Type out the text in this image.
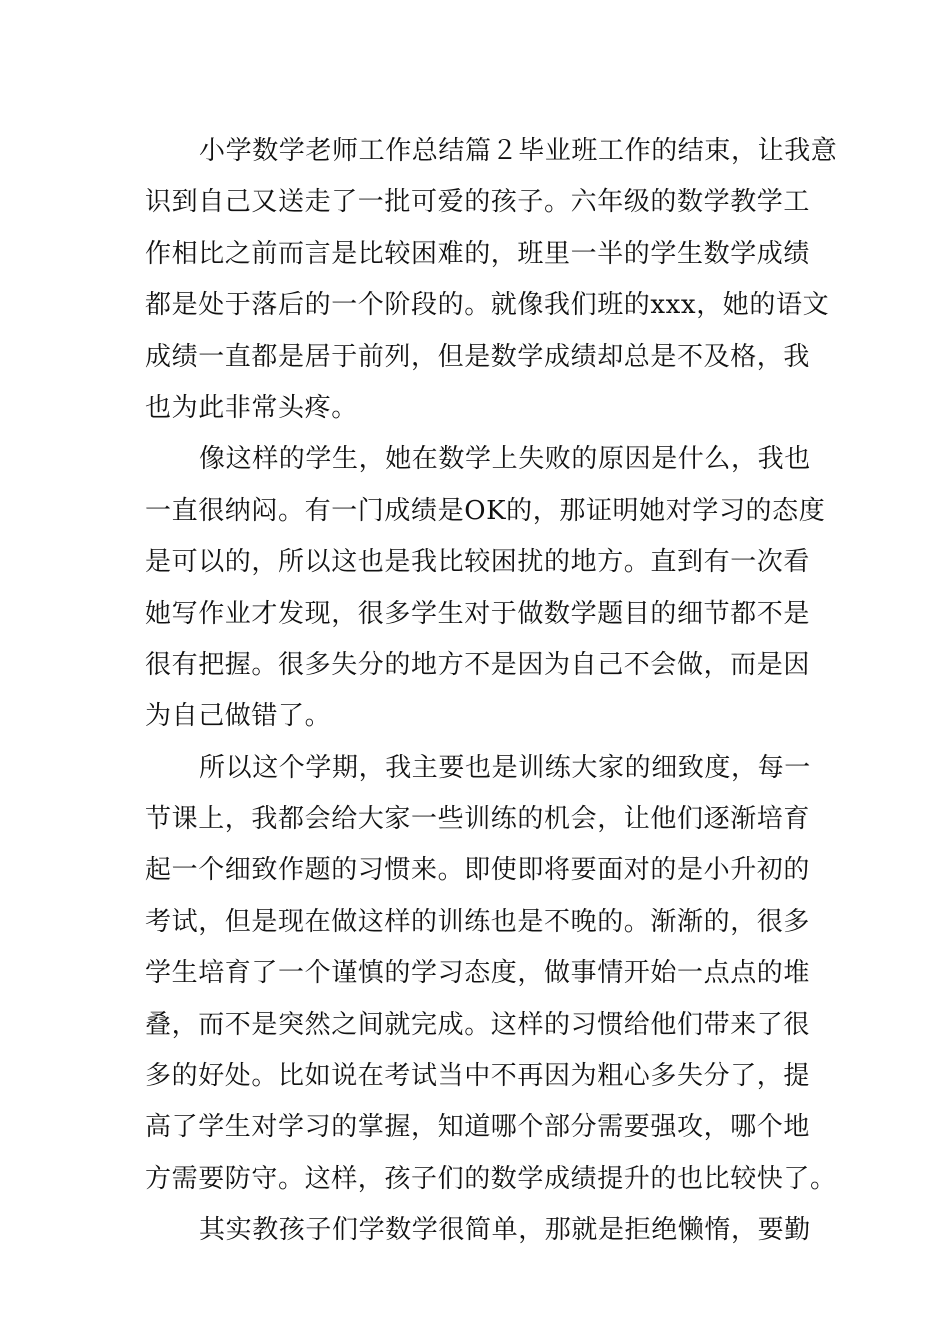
小学数学老师工作总结篇２毕业班工作的结束，让我意
识到自己又送走了一批可爱的孩子。六年级的数学教学工
作相比之前而言是比较困难的，班里一半的学生数学成绩
都是处于落后的一个阶段的。就像我们班的xxx，她的语文
成绩一直都是居于前列，但是数学成绩却总是不及格，我
也为此非常头疼。

像这样的学生，她在数学上失败的原因是什么，我也
一直很纳闷。有一门成绩是OK的，那证明她对学习的态度
是可以的，所以这也是我比较困扰的地方。直到有一次看
她写作业才发现，很多学生对于做数学题目的细节都不是
很有把握。很多失分的地方不是因为自己不会做，而是因
为自己做错了。

所以这个学期，我主要也是训练大家的细致度，每一
节课上，我都会给大家一些训练的机会，让他们逐渐培育
起一个细致作题的习惯来。即使即将要面对的是小升初的
考试，但是现在做这样的训练也是不晚的。渐渐的，很多
学生培育了一个谨慎的学习态度，做事情开始一点点的堆
叠，而不是突然之间就完成。这样的习惯给他们带来了很
多的好处。比如说在考试当中不再因为粗心多失分了，提
高了学生对学习的掌握，知道哪个部分需要强攻，哪个地
方需要防守。这样，孩子们的数学成绩提升的也比较快了。

其实教孩子们学数学很简单，那就是拒绝懒惰，要勤
